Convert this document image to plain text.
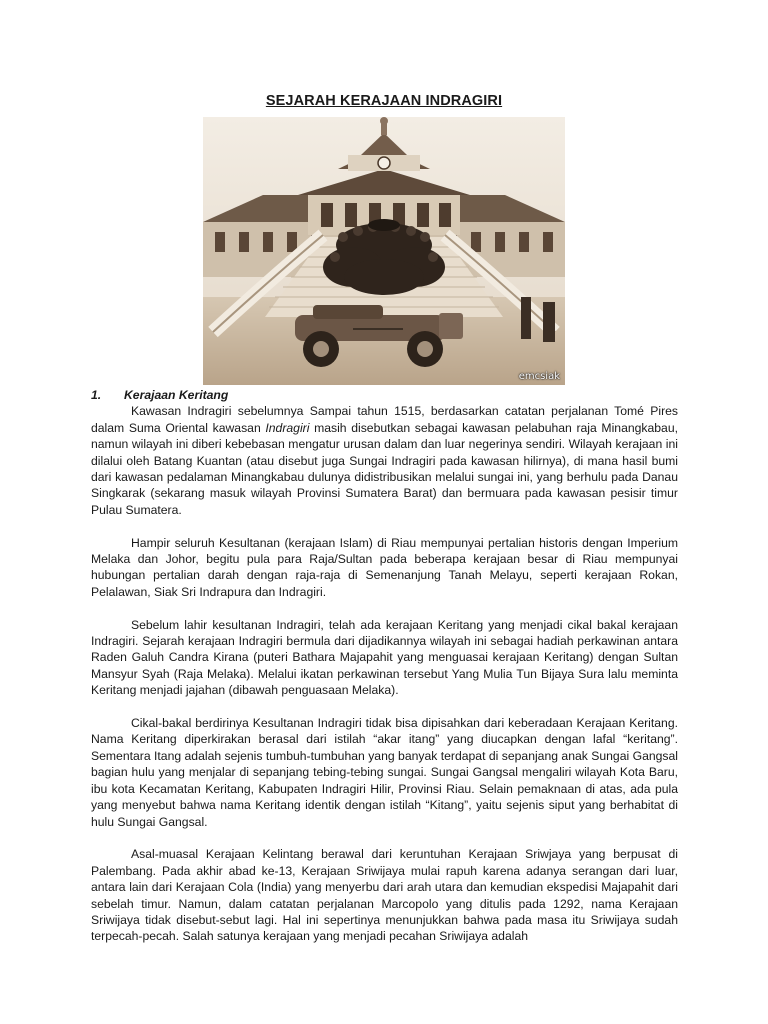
SEJARAH KERAJAAN INDRAGIRI
emcsiak
1.	Kerajaan Keritang

Kawasan Indragiri sebelumnya Sampai tahun 1515, berdasarkan catatan perjalanan Tomé Pires dalam Suma Oriental kawasan Indragiri masih disebutkan sebagai kawasan pelabuhan raja Minangkabau, namun wilayah ini diberi kebebasan mengatur urusan dalam dan luar negerinya sendiri. Wilayah kerajaan ini dilalui oleh Batang Kuantan (atau disebut juga Sungai Indragiri pada kawasan hilirnya), di mana hasil bumi dari kawasan pedalaman Minangkabau dulunya didistribusikan melalui sungai ini, yang berhulu pada Danau Singkarak (sekarang masuk wilayah Provinsi Sumatera Barat) dan bermuara pada kawasan pesisir timur Pulau Sumatera.

Hampir seluruh Kesultanan (kerajaan Islam) di Riau mempunyai pertalian historis dengan Imperium Melaka dan Johor, begitu pula para Raja/Sultan pada beberapa kerajaan besar di Riau mempunyai hubungan pertalian darah dengan raja-raja di Semenanjung Tanah Melayu, seperti kerajaan Rokan, Pelalawan, Siak Sri Indrapura dan Indragiri.

Sebelum lahir kesultanan Indragiri, telah ada kerajaan Keritang yang menjadi cikal bakal kerajaan Indragiri. Sejarah kerajaan Indragiri bermula dari dijadikannya wilayah ini sebagai hadiah perkawinan antara Raden Galuh Candra Kirana (puteri Bathara Majapahit yang menguasai kerajaan Keritang) dengan Sultan Mansyur Syah (Raja Melaka). Melalui ikatan perkawinan tersebut Yang Mulia Tun Bijaya Sura lalu meminta Keritang menjadi jajahan (dibawah penguasaan Melaka).

Cikal-bakal berdirinya Kesultanan Indragiri tidak bisa dipisahkan dari keberadaan Kerajaan Keritang. Nama Keritang diperkirakan berasal dari istilah “akar itang” yang diucapkan dengan lafal “keritang”. Sementara Itang adalah sejenis tumbuh-tumbuhan yang banyak terdapat di sepanjang anak Sungai Gangsal bagian hulu yang menjalar di sepanjang tebing-tebing sungai. Sungai Gangsal mengaliri wilayah Kota Baru, ibu kota Kecamatan Keritang, Kabupaten Indragiri Hilir, Provinsi Riau. Selain pemaknaan di atas, ada pula yang menyebut bahwa nama Keritang identik dengan istilah “Kitang”, yaitu sejenis siput yang berhabitat di hulu Sungai Gangsal.

Asal-muasal Kerajaan Kelintang berawal dari keruntuhan Kerajaan Sriwjaya yang berpusat di Palembang. Pada akhir abad ke-13, Kerajaan Sriwijaya mulai rapuh karena adanya serangan dari luar, antara lain dari Kerajaan Cola (India) yang menyerbu dari arah utara dan kemudian ekspedisi Majapahit dari sebelah timur. Namun, dalam catatan perjalanan Marcopolo yang ditulis pada 1292, nama Kerajaan Sriwijaya tidak disebut-sebut lagi. Hal ini sepertinya menunjukkan bahwa pada masa itu Sriwijaya sudah terpecah-pecah. Salah satunya kerajaan yang menjadi pecahan Sriwijaya adalah
